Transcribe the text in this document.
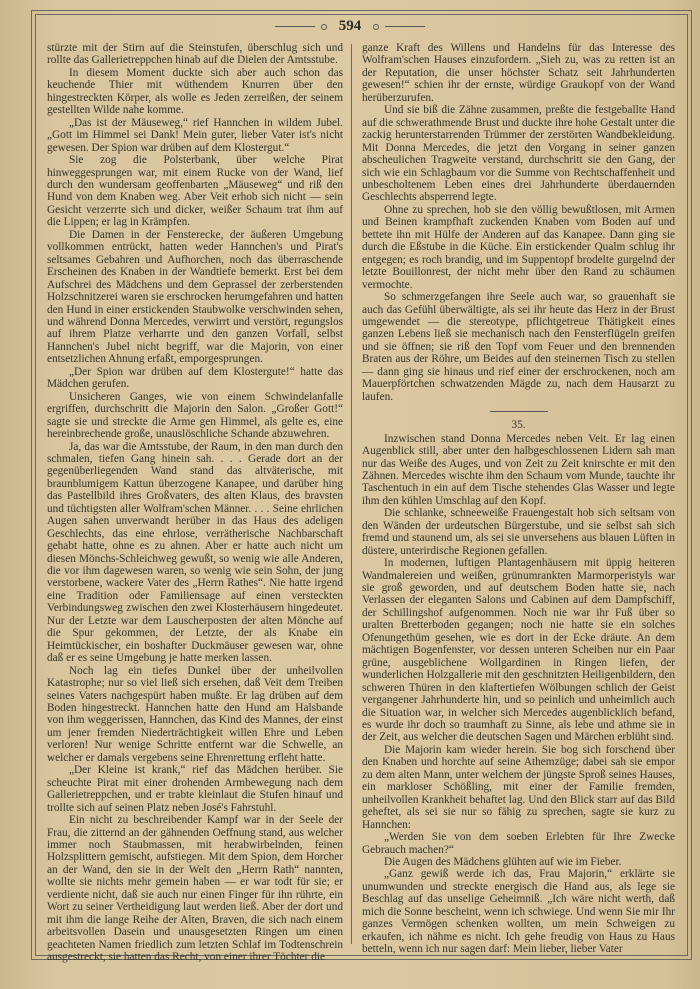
594

stürzte mit der Stirn auf die Steinstufen, überschlug sich und rollte das Gallerietreppchen hinab auf die Dielen der Amtsstube.

In diesem Moment duckte sich aber auch schon das keuchende Thier mit wüthendem Knurren über den hingestreckten Körper, als wolle es Jeden zerreißen, der seinem gestellten Wilde nahe komme.

„Das ist der Mäuseweg,“ rief Hannchen in wildem Jubel. „Gott im Himmel sei Dank! Mein guter, lieber Vater ist's nicht gewesen. Der Spion war drüben auf dem Klostergut.“

Sie zog die Polsterbank, über welche Pirat hinweggesprungen war, mit einem Rucke von der Wand, lief durch den wundersam geoffenbarten „Mäuseweg“ und riß den Hund von dem Knaben weg. Aber Veit erhob sich nicht — sein Gesicht verzerrte sich und dicker, weißer Schaum trat ihm auf die Lippen; er lag in Krämpfen.

Die Damen in der Fensterecke, der äußeren Umgebung vollkommen entrückt, hatten weder Hannchen's und Pirat's seltsames Gebahren und Aufhorchen, noch das überraschende Erscheinen des Knaben in der Wandtiefe bemerkt. Erst bei dem Aufschrei des Mädchens und dem Geprassel der zerberstenden Holzschnitzerei waren sie erschrocken herumgefahren und hatten den Hund in einer erstickenden Staubwolke verschwinden sehen, und während Donna Mercedes, verwirrt und verstört, regungslos auf ihrem Platze verharrte und den ganzen Vorfall, selbst Hannchen's Jubel nicht begriff, war die Majorin, von einer entsetzlichen Ahnung erfaßt, emporgesprungen.

„Der Spion war drüben auf dem Klostergute!“ hatte das Mädchen gerufen.

Unsicheren Ganges, wie von einem Schwindelanfalle ergriffen, durchschritt die Majorin den Salon. „Großer Gott!“ sagte sie und streckte die Arme gen Himmel, als gelte es, eine hereinbrechende große, unauslöschliche Schande abzuwehren.

Ja, das war die Amtsstube, der Raum, in den man durch den schmalen, tiefen Gang hinein sah. . . . Gerade dort an der gegenüberliegenden Wand stand das altväterische, mit braunblumigem Kattun überzogene Kanapee, und darüber hing das Pastellbild ihres Großvaters, des alten Klaus, des bravsten und tüchtigsten aller Wolfram'schen Männer. . . . Seine ehrlichen Augen sahen unverwandt herüber in das Haus des adeligen Geschlechts, das eine ehrlose, verrätherische Nachbarschaft gehabt hatte, ohne es zu ahnen. Aber er hatte auch nicht um diesen Mönchs-Schleichweg gewußt, so wenig wie alle Anderen, die vor ihm dagewesen waren, so wenig wie sein Sohn, der jung verstorbene, wackere Vater des „Herrn Rathes“. Nie hatte irgend eine Tradition oder Familiensage auf einen versteckten Verbindungsweg zwischen den zwei Klosterhäusern hingedeutet. Nur der Letzte war dem Lauscherposten der alten Mönche auf die Spur gekommen, der Letzte, der als Knabe ein Heimtückischer, ein boshafter Duckmäuser gewesen war, ohne daß er es seine Umgebung je hatte merken lassen.

Noch lag ein tiefes Dunkel über der unheilvollen Katastrophe; nur so viel ließ sich ersehen, daß Veit dem Treiben seines Vaters nachgespürt haben mußte. Er lag drüben auf dem Boden hingestreckt. Hannchen hatte den Hund am Halsbande von ihm weggerissen, Hannchen, das Kind des Mannes, der einst um jener fremden Niederträchtigkeit willen Ehre und Leben verloren! Nur wenige Schritte entfernt war die Schwelle, an welcher er damals vergebens seine Ehrenrettung erfleht hatte.

„Der Kleine ist krank,“ rief das Mädchen herüber. Sie scheuchte Pirat mit einer drohenden Armbewegung nach dem Gallerietreppchen, und er trabte kleinlaut die Stufen hinauf und trollte sich auf seinen Platz neben José's Fahrstuhl.

Ein nicht zu beschreibender Kampf war in der Seele der Frau, die zitternd an der gähnenden Oeffnung stand, aus welcher immer noch Staubmassen, mit herabwirbelnden, feinen Holzsplittern gemischt, aufstiegen. Mit dem Spion, dem Horcher an der Wand, den sie in der Welt den „Herrn Rath“ nannten, wollte sie nichts mehr gemein haben — er war todt für sie; er verdiente nicht, daß sie auch nur einen Finger für ihn rührte, ein Wort zu seiner Vertheidigung laut werden ließ. Aber der dort und mit ihm die lange Reihe der Alten, Braven, die sich nach einem arbeitsvollen Dasein und unausgesetzten Ringen um einen geachteten Namen friedlich zum letzten Schlaf im Todtenschrein ausgestreckt, sie hatten das Recht, von einer ihrer Töchter die

ganze Kraft des Willens und Handelns für das Interesse des Wolfram'schen Hauses einzufordern. „Sieh zu, was zu retten ist an der Reputation, die unser höchster Schatz seit Jahrhunderten gewesen!“ schien ihr der ernste, würdige Graukopf von der Wand herüberzurufen.

Und sie biß die Zähne zusammen, preßte die festgeballte Hand auf die schwerathmende Brust und duckte ihre hohe Gestalt unter die zackig herunterstarrenden Trümmer der zerstörten Wandbekleidung. Mit Donna Mercedes, die jetzt den Vorgang in seiner ganzen abscheulichen Tragweite verstand, durchschritt sie den Gang, der sich wie ein Schlagbaum vor die Summe von Rechtschaffenheit und unbescholtenem Leben eines drei Jahrhunderte überdauernden Geschlechts absperrend legte.

Ohne zu sprechen, hob sie den völlig bewußtlosen, mit Armen und Beinen krampfhaft zuckenden Knaben vom Boden auf und bettete ihn mit Hülfe der Anderen auf das Kanapee. Dann ging sie durch die Eßstube in die Küche. Ein erstickender Qualm schlug ihr entgegen; es roch brandig, und im Suppentopf brodelte gurgelnd der letzte Bouillonrest, der nicht mehr über den Rand zu schäumen vermochte.

So schmerzgefangen ihre Seele auch war, so grauenhaft sie auch das Gefühl überwältigte, als sei ihr heute das Herz in der Brust umgewendet — die stereotype, pflichtgetreue Thätigkeit eines ganzen Lebens ließ sie mechanisch nach den Fensterflügeln greifen und sie öffnen; sie riß den Topf vom Feuer und den brennenden Braten aus der Röhre, um Beides auf den steinernen Tisch zu stellen — dann ging sie hinaus und rief einer der erschrockenen, noch am Mauerpförtchen schwatzenden Mägde zu, nach dem Hausarzt zu laufen.

35.

Inzwischen stand Donna Mercedes neben Veit. Er lag einen Augenblick still, aber unter den halbgeschlossenen Lidern sah man nur das Weiße des Auges, und von Zeit zu Zeit knirschte er mit den Zähnen. Mercedes wischte ihm den Schaum vom Munde, tauchte ihr Taschentuch in ein auf dem Tische stehendes Glas Wasser und legte ihm den kühlen Umschlag auf den Kopf.

Die schlanke, schneeweiße Frauengestalt hob sich seltsam von den Wänden der urdeutschen Bürgerstube, und sie selbst sah sich fremd und staunend um, als sei sie unversehens aus blauen Lüften in düstere, unterirdische Regionen gefallen.

In modernen, luftigen Plantagenhäusern mit üppig heiteren Wandmalereien und weißen, grünumrankten Marmorperistyls war sie groß geworden, und auf deutschem Boden hatte sie, nach Verlassen der eleganten Salons und Cabinen auf dem Dampfschiff, der Schillingshof aufgenommen. Noch nie war ihr Fuß über so uralten Bretterboden gegangen; noch nie hatte sie ein solches Ofenungethüm gesehen, wie es dort in der Ecke dräute. An dem mächtigen Bogenfenster, vor dessen unteren Scheiben nur ein Paar grüne, ausgeblichene Wollgardinen in Ringen liefen, der wunderlichen Holzgallerie mit den geschnitzten Heiligenbildern, den schweren Thüren in den klaftertiefen Wölbungen schlich der Geist vergangener Jahrhunderte hin, und so peinlich und unheimlich auch die Situation war, in welcher sich Mercedes augenblicklich befand, es wurde ihr doch so traumhaft zu Sinne, als lebe und athme sie in der Zeit, aus welcher die deutschen Sagen und Märchen erblüht sind.

Die Majorin kam wieder herein. Sie bog sich forschend über den Knaben und horchte auf seine Athemzüge; dabei sah sie empor zu dem alten Mann, unter welchem der jüngste Sproß seines Hauses, ein markloser Schößling, mit einer der Familie fremden, unheilvollen Krankheit behaftet lag. Und den Blick starr auf das Bild geheftet, als sei sie nur so fähig zu sprechen, sagte sie kurz zu Hannchen:

„Werden Sie von dem soeben Erlebten für Ihre Zwecke Gebrauch machen?“

Die Augen des Mädchens glühten auf wie im Fieber.

„Ganz gewiß werde ich das, Frau Majorin,“ erklärte sie unumwunden und streckte energisch die Hand aus, als lege sie Beschlag auf das unselige Geheimniß. „Ich wäre nicht werth, daß mich die Sonne bescheint, wenn ich schwiege. Und wenn Sie mir Ihr ganzes Vermögen schenken wollten, um mein Schweigen zu erkaufen, ich nähme es nicht. Ich gehe freudig von Haus zu Haus betteln, wenn ich nur sagen darf: Mein lieber, lieber Vater
